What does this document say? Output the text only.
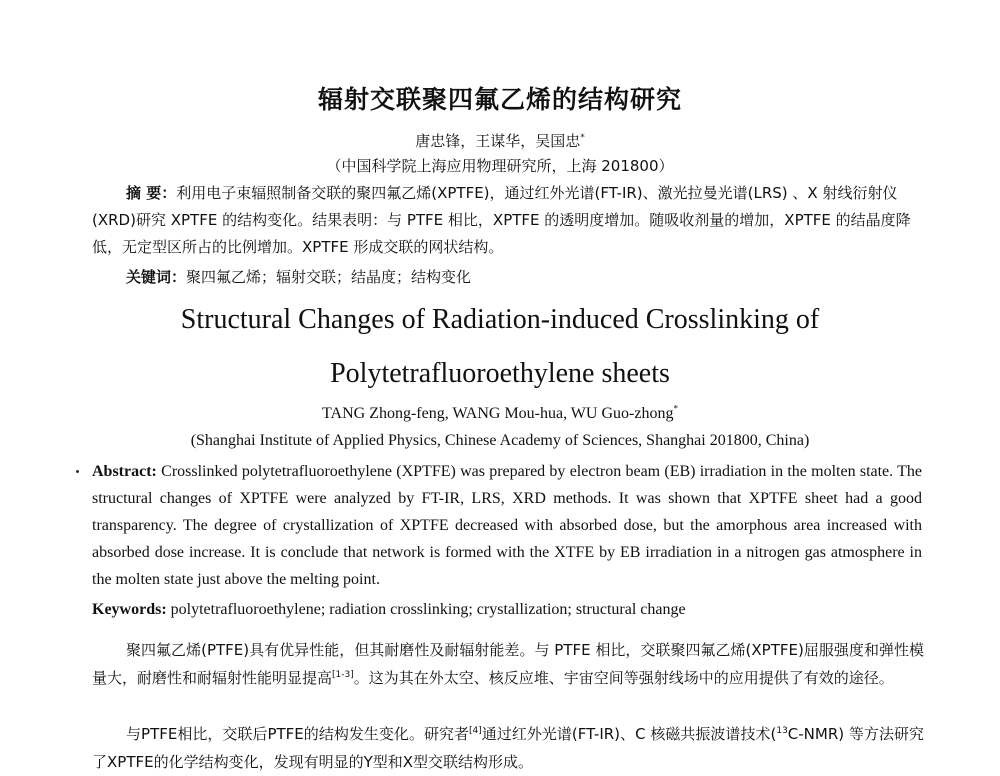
辐射交联聚四氟乙烯的结构研究
唐忠锋，王谋华，吴国忠*
（中国科学院上海应用物理研究所，上海 201800）
摘 要：利用电子束辐照制备交联的聚四氟乙烯(XPTFE)，通过红外光谱(FT-IR)、激光拉曼光谱(LRS) 、X 射线衍射仪(XRD)研究 XPTFE 的结构变化。结果表明：与 PTFE 相比，XPTFE 的透明度增加。随吸收剂量的增加，XPTFE 的结晶度降低，无定型区所占的比例增加。XPTFE 形成交联的网状结构。
关键词：聚四氟乙烯；辐射交联；结晶度；结构变化
Structural Changes of Radiation-induced Crosslinking of
Polytetrafluoroethylene sheets
TANG Zhong-feng, WANG Mou-hua, WU Guo-zhong*
(Shanghai Institute of Applied Physics, Chinese Academy of Sciences, Shanghai 201800, China)
Abstract: Crosslinked polytetrafluoroethylene (XPTFE) was prepared by electron beam (EB) irradiation in the molten state. The structural changes of XPTFE were analyzed by FT-IR, LRS, XRD methods. It was shown that XPTFE sheet had a good transparency. The degree of crystallization of XPTFE decreased with absorbed dose, but the amorphous area increased with absorbed dose increase. It is conclude that network is formed with the XTFE by EB irradiation in a nitrogen gas atmosphere in the molten state just above the melting point.
Keywords: polytetrafluoroethylene; radiation crosslinking; crystallization; structural change
聚四氟乙烯(PTFE)具有优异性能，但其耐磨性及耐辐射能差。与 PTFE 相比，交联聚四氟乙烯(XPTFE)屈服强度和弹性模量大，耐磨性和耐辐射性能明显提高[1-3]。这为其在外太空、核反应堆、宇宙空间等强射线场中的应用提供了有效的途径。
与PTFE相比，交联后PTFE的结构发生变化。研究者[4]通过红外光谱(FT-IR)、C 核磁共振波谱技术($^{13}$C-NMR) 等方法研究了XPTFE的化学结构变化，发现有明显的Y型和X型交联结构形成。
